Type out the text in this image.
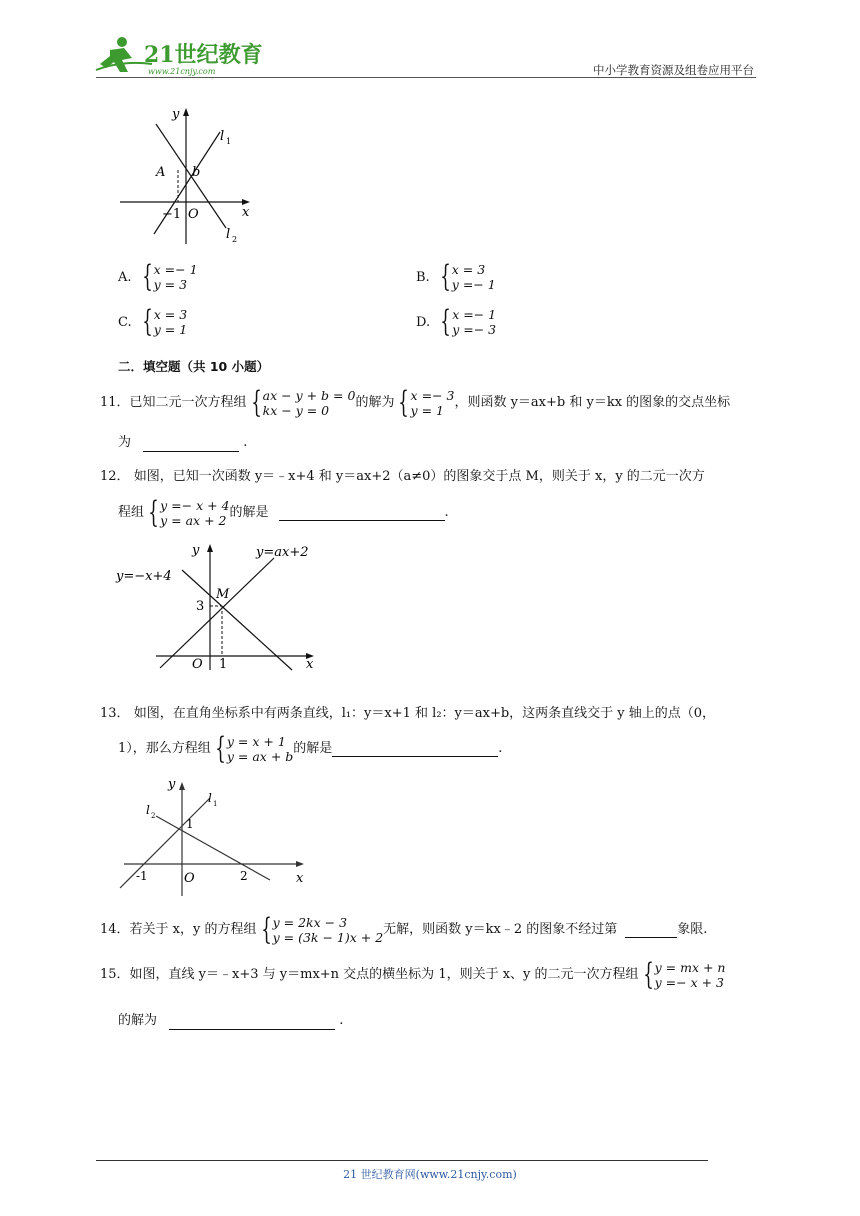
21世纪教育
www.21cnjy.com	中小学教育资源及组卷应用平台
y
x
O
A b
−1
l 1
l 2
A. { x =− 1
y = 3	B. { x = 3
y =− 1
C. { x = 3
y = 1	D. { x =− 1
y =− 3
二．填空题（共 10 小题）
11． 已知二元一次方程组 { ax − y + b = 0
kx − y = 0
的解为 { x =− 3
y = 1
，则函数 y＝ax+b 和 y＝kx 的图象的交点坐标
为	.
12． 如图，已知一次函数 y＝﹣x+4 和 y＝ax+2（a≠0）的图象交于点 M，则关于 x，y 的二元一次方
程组 { y =− x + 4
y = ax + 2
的解是	.
y=ax+2
y=−x+4
y
x
O
M
3
1
13． 如图，在直角坐标系中有两条直线，l₁：y＝x+1 和 l₂：y＝ax+b，这两条直线交于 y 轴上的点（0，
1），那么方程组 { y = x + 1
y = ax + b
的解是	.
y
x
O
1
-1	2
l 1
l 2
14． 若关于 x，y 的方程组 { y = 2kx − 3
y = (3k − 1)x + 2
无解，则函数 y＝kx﹣2 的图象不经过第	象限.
15． 如图，直线 y＝﹣x+3 与 y＝mx+n 交点的横坐标为 1，则关于 x、y 的二元一次方程组 { y = mx + n
y =− x + 3
的解为	.
21 世纪教育网(www.21cnjy.com)
